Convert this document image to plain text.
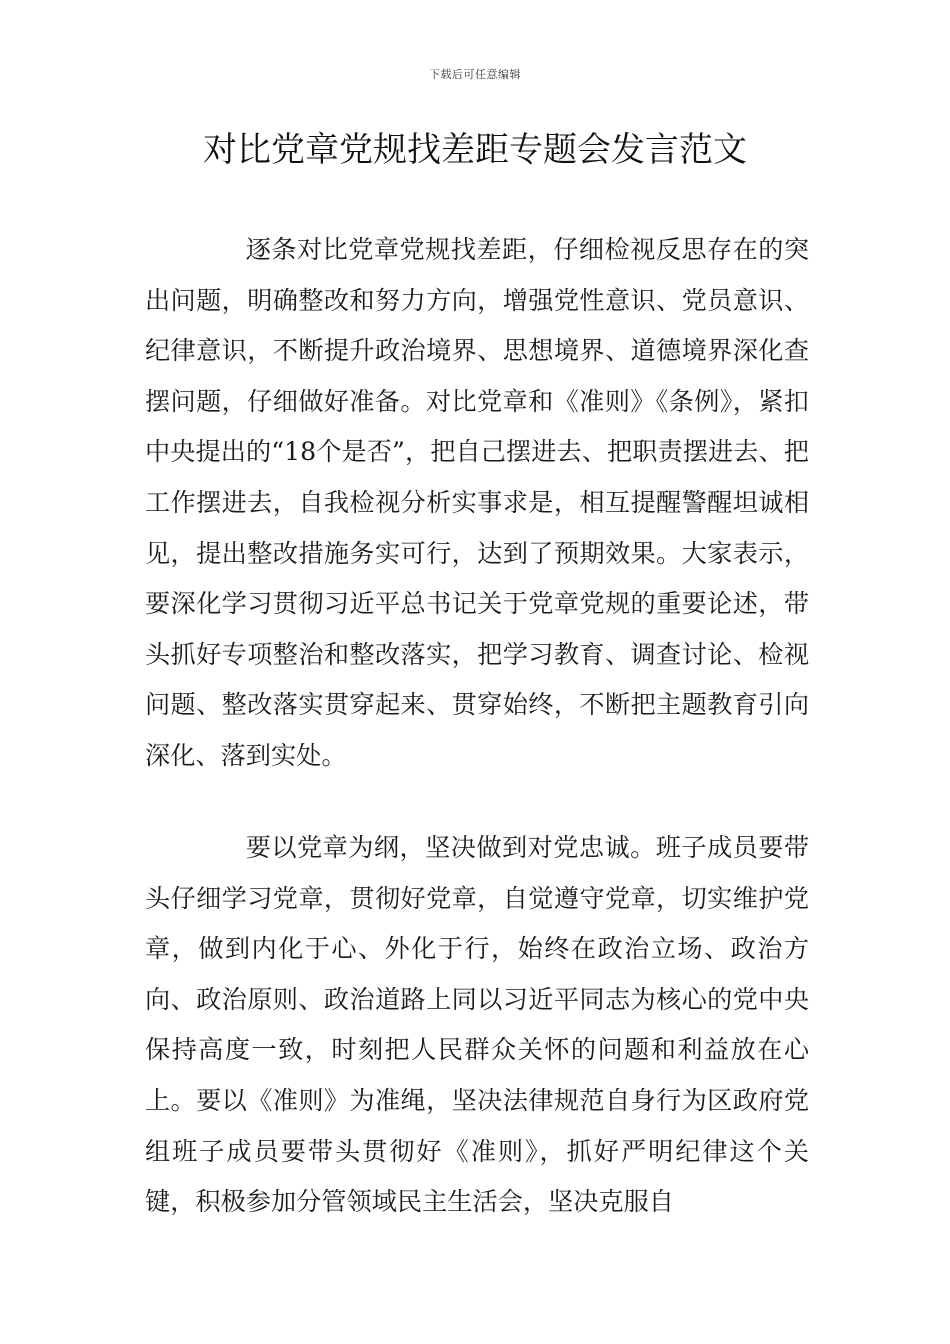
下载后可任意编辑
对比党章党规找差距专题会发言范文

逐条对比党章党规找差距，仔细检视反思存在的突出问题，明确整改和努力方向，增强党性意识、党员意识、纪律意识，不断提升政治境界、思想境界、道德境界深化查摆问题，仔细做好准备。对比党章和《准则》《条例》，紧扣中央提出的“18个是否”，把自己摆进去、把职责摆进去、把工作摆进去，自我检视分析实事求是，相互提醒警醒坦诚相见，提出整改措施务实可行，达到了预期效果。大家表示，要深化学习贯彻习近平总书记关于党章党规的重要论述，带头抓好专项整治和整改落实，把学习教育、调查讨论、检视问题、整改落实贯穿起来、贯穿始终，不断把主题教育引向深化、落到实处。

要以党章为纲，坚决做到对党忠诚。班子成员要带头仔细学习党章，贯彻好党章，自觉遵守党章，切实维护党章，做到内化于心、外化于行，始终在政治立场、政治方向、政治原则、政治道路上同以习近平同志为核心的党中央保持高度一致，时刻把人民群众关怀的问题和利益放在心上。要以《准则》为准绳，坚决法律规范自身行为区政府党组班子成员要带头贯彻好《准则》，抓好严明纪律这个关键，积极参加分管领域民主生活会，坚决克服自
